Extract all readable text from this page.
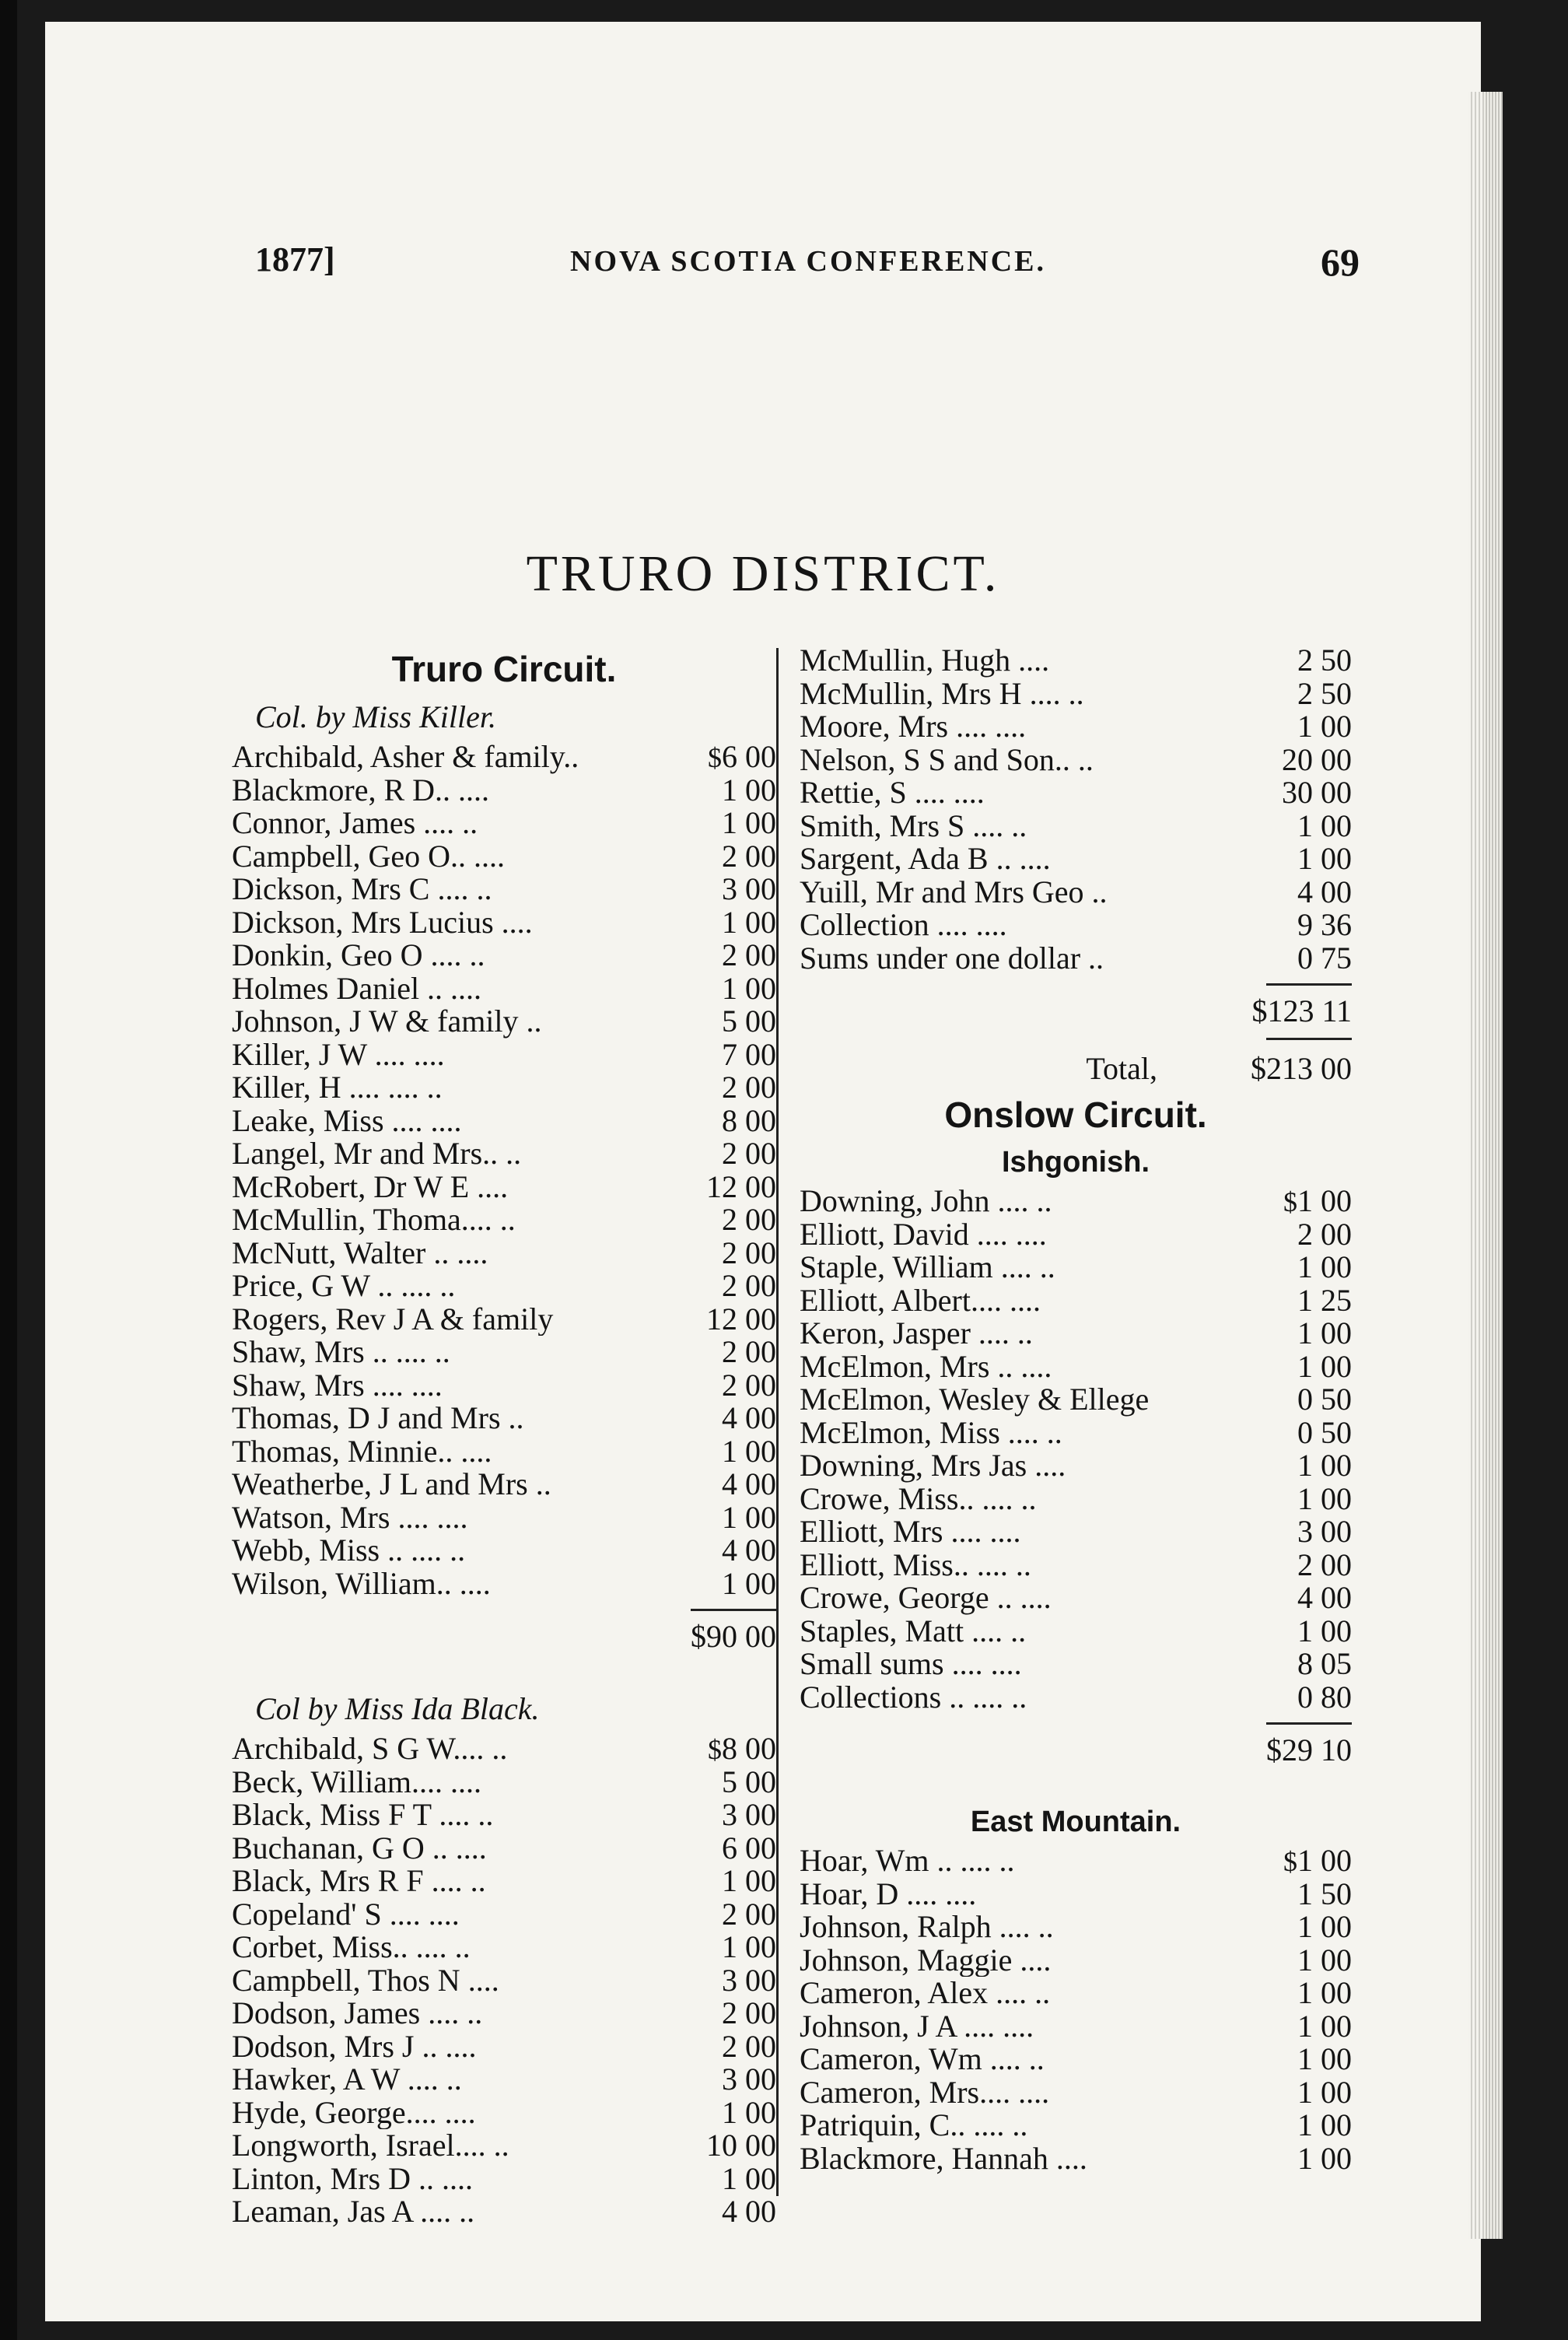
1877]	NOVA SCOTIA CONFERENCE.	69
TRURO DISTRICT.
Truro Circuit.
Col. by Miss Killer.
Archibald, Asher & family..	$6 00
Blackmore, R D.. ....	1 00
Connor, James .... ..	1 00
Campbell, Geo O.. ....	2 00
Dickson, Mrs C .... ..	3 00
Dickson, Mrs Lucius ....	1 00
Donkin, Geo O .... ..	2 00
Holmes Daniel .. ....	1 00
Johnson, J W & family ..	5 00
Killer, J W .... ....	7 00
Killer, H .... .... ..	2 00
Leake, Miss .... ....	8 00
Langel, Mr and Mrs.. ..	2 00
McRobert, Dr W E ....	12 00
McMullin, Thoma.... ..	2 00
McNutt, Walter .. ....	2 00
Price, G W .. .... ..	2 00
Rogers, Rev J A & family	12 00
Shaw, Mrs .. .... ..	2 00
Shaw, Mrs .... ....	2 00
Thomas, D J and Mrs ..	4 00
Thomas, Minnie.. ....	1 00
Weatherbe, J L and Mrs ..	4 00
Watson, Mrs .... ....	1 00
Webb, Miss .. .... ..	4 00
Wilson, William.. ....	1 00
$90 00
Col by Miss Ida Black.
Archibald, S G W.... ..	$8 00
Beck, William.... ....	5 00
Black, Miss F T .... ..	3 00
Buchanan, G O .. ....	6 00
Black, Mrs R F .... ..	1 00
Copeland' S .... ....	2 00
Corbet, Miss.. .... ..	1 00
Campbell, Thos N ....	3 00
Dodson, James .... ..	2 00
Dodson, Mrs J .. ....	2 00
Hawker, A W .... ..	3 00
Hyde, George.... ....	1 00
Longworth, Israel.... ..	10 00
Linton, Mrs D .. ....	1 00
Leaman, Jas A .... ..	4 00
McMullin, Hugh ....	2 50
McMullin, Mrs H .... ..	2 50
Moore, Mrs .... ....	1 00
Nelson, S S and Son.. ..	20 00
Rettie, S .... ....	30 00
Smith, Mrs S .... ..	1 00
Sargent, Ada B .. ....	1 00
Yuill, Mr and Mrs Geo ..	4 00
Collection .... ....	9 36
Sums under one dollar ..	0 75
$123 11
Total,	$213 00
Onslow Circuit.
Ishgonish.
Downing, John .... ..	$1 00
Elliott, David .... ....	2 00
Staple, William .... ..	1 00
Elliott, Albert.... ....	1 25
Keron, Jasper .... ..	1 00
McElmon, Mrs .. ....	1 00
McElmon, Wesley & Ellege	0 50
McElmon, Miss .... ..	0 50
Downing, Mrs Jas ....	1 00
Crowe, Miss.. .... ..	1 00
Elliott, Mrs .... ....	3 00
Elliott, Miss.. .... ..	2 00
Crowe, George .. ....	4 00
Staples, Matt .... ..	1 00
Small sums .... ....	8 05
Collections .. .... ..	0 80
$29 10
East Mountain.
Hoar, Wm .. .... ..	$1 00
Hoar, D .... ....	1 50
Johnson, Ralph .... ..	1 00
Johnson, Maggie ....	1 00
Cameron, Alex .... ..	1 00
Johnson, J A .... ....	1 00
Cameron, Wm .... ..	1 00
Cameron, Mrs.... ....	1 00
Patriquin, C.. .... ..	1 00
Blackmore, Hannah ....	1 00
